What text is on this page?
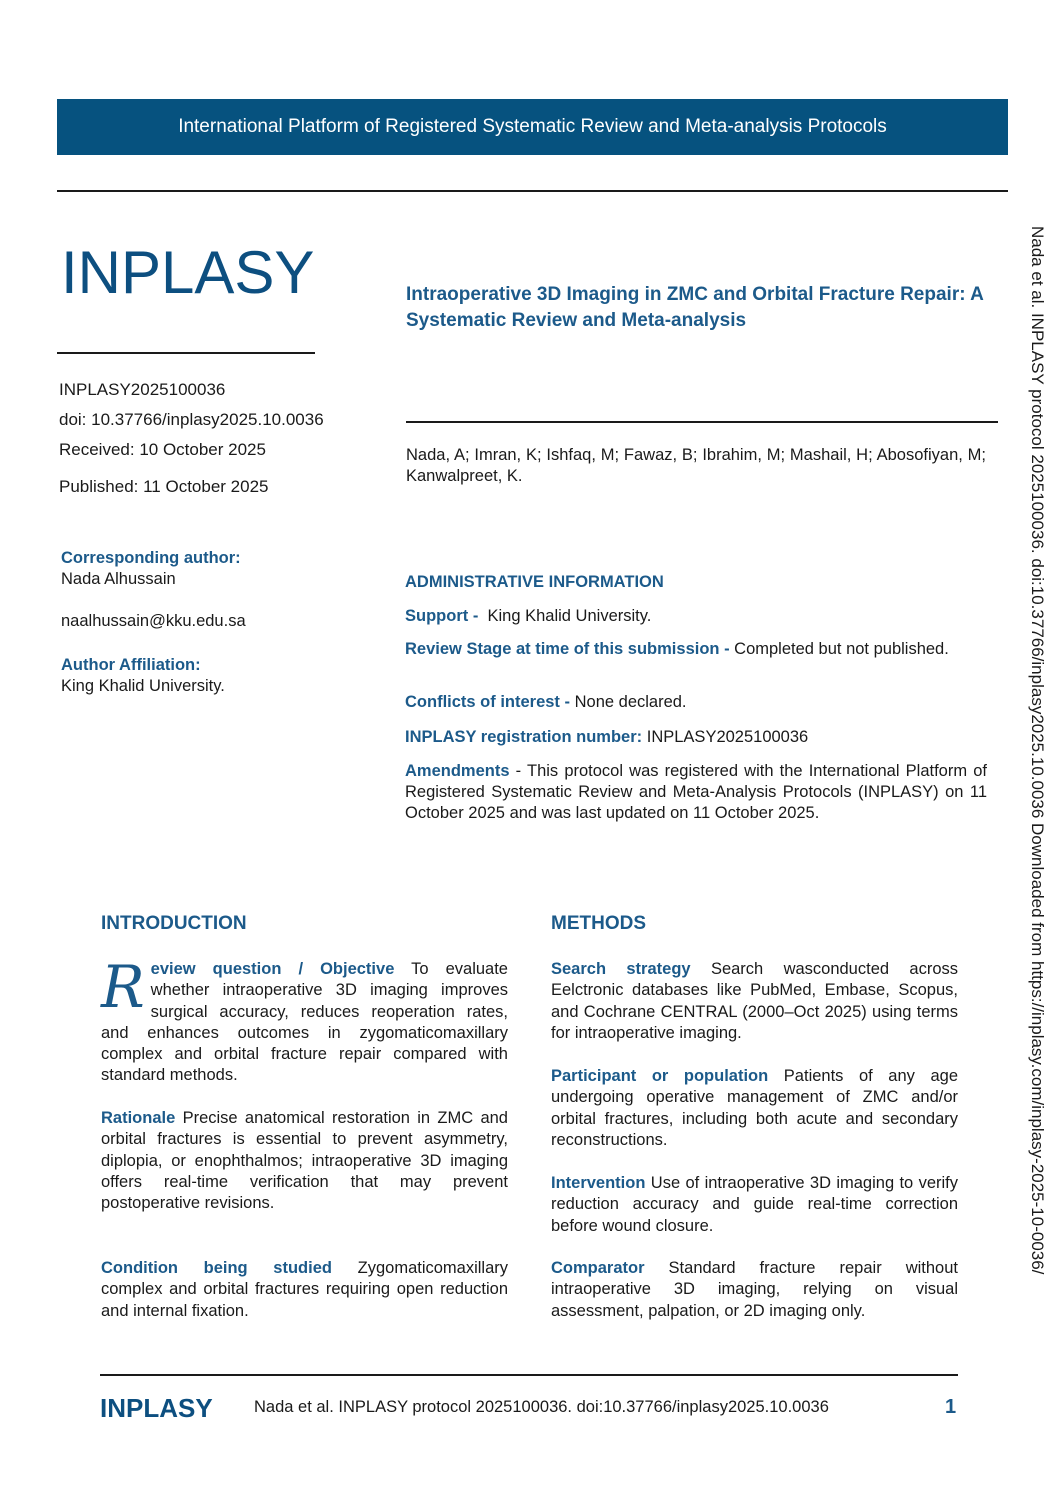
International Platform of Registered Systematic Review and Meta-analysis Protocols
INPLASY	Intraoperative 3D Imaging in ZMC and Orbital Fracture Repair: A Systematic Review and Meta-analysis
INPLASY2025100036
doi: 10.37766/inplasy2025.10.0036
Received: 10 October 2025
Published: 11 October 2025
Nada, A; Imran, K; Ishfaq, M; Fawaz, B; Ibrahim, M; Mashail, H; Abosofiyan, M; Kanwalpreet, K.
Corresponding author:
Nada Alhussain
naalhussain@kku.edu.sa
Author Affiliation:
King Khalid University.
ADMINISTRATIVE INFORMATION
Support - King Khalid University.
Review Stage at time of this submission - Completed but not published.
Conflicts of interest - None declared.
INPLASY registration number: INPLASY2025100036
Amendments - This protocol was registered with the International Platform of Registered Systematic Review and Meta-Analysis Protocols (INPLASY) on 11 October 2025 and was last updated on 11 October 2025.
INTRODUCTION
Review question / Objective To evaluate whether intraoperative 3D imaging improves surgical accuracy, reduces reoperation rates, and enhances outcomes in zygomaticomaxillary complex and orbital fracture repair compared with standard methods.
Rationale Precise anatomical restoration in ZMC and orbital fractures is essential to prevent asymmetry, diplopia, or enophthalmos; intraoperative 3D imaging offers real-time verification that may prevent postoperative revisions.
Condition being studied Zygomaticomaxillary complex and orbital fractures requiring open reduction and internal fixation.
METHODS
Search strategy Search wasconducted across Eelctronic databases like PubMed, Embase, Scopus, and Cochrane CENTRAL (2000–Oct 2025) using terms for intraoperative imaging.
Participant or population Patients of any age undergoing operative management of ZMC and/or orbital fractures, including both acute and secondary reconstructions.
Intervention Use of intraoperative 3D imaging to verify reduction accuracy and guide real-time correction before wound closure.
Comparator Standard fracture repair without intraoperative 3D imaging, relying on visual assessment, palpation, or 2D imaging only.
Nada et al. INPLASY protocol 2025100036. doi:10.37766/inplasy2025.10.0036 Downloaded from https://inplasy.com/inplasy-2025-10-0036/
INPLASY	Nada et al. INPLASY protocol 2025100036. doi:10.37766/inplasy2025.10.0036	1
